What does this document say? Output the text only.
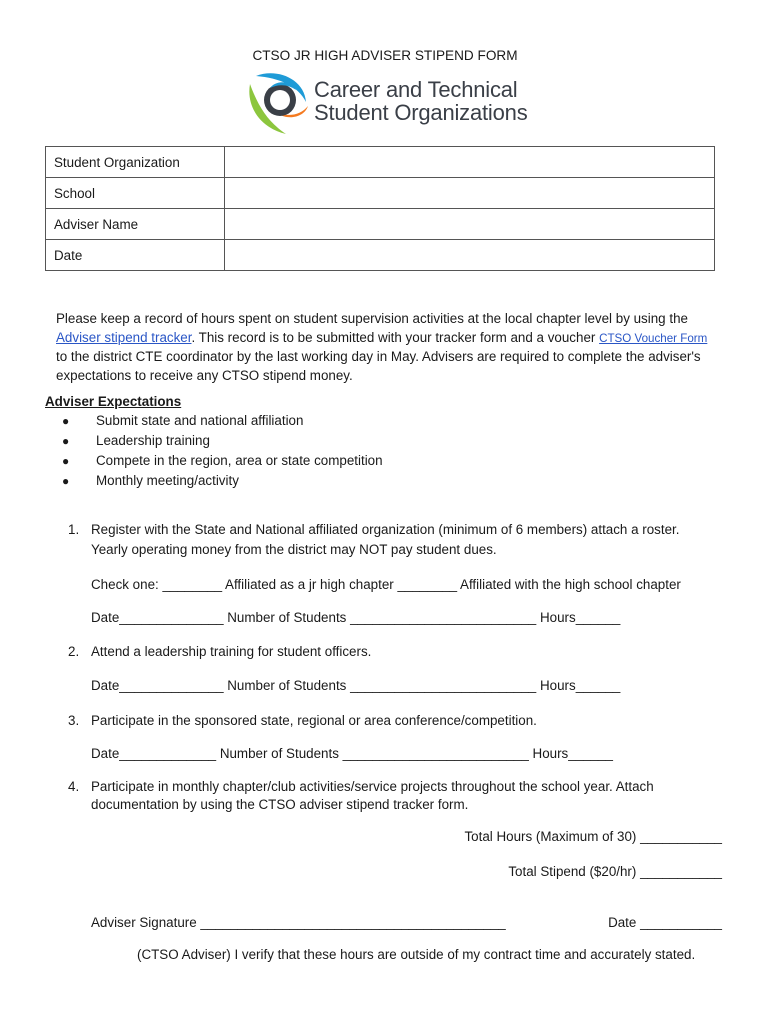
CTSO JR HIGH ADVISER STIPEND FORM
Career and Technical
Student Organizations
Student Organization	
School	
Adviser Name	
Date	
Please keep a record of hours spent on student supervision activities at the local chapter level by using the Adviser stipend tracker. This record is to be submitted with your tracker form and a voucher CTSO Voucher Form to the district CTE coordinator by the last working day in May. Advisers are required to complete the adviser's expectations to receive any CTSO stipend money.
Adviser Expectations
● Submit state and national affiliation
● Leadership training
● Compete in the region, area or state competition
● Monthly meeting/activity
1. Register with the State and National affiliated organization (minimum of 6 members) attach a roster.
Yearly operating money from the district may NOT pay student dues.
Check one: ________ Affiliated as a jr high chapter ________ Affiliated with the high school chapter
Date______________ Number of Students _________________________ Hours______
2. Attend a leadership training for student officers.
Date______________ Number of Students _________________________ Hours______
3. Participate in the sponsored state, regional or area conference/competition.
Date_____________ Number of Students _________________________ Hours______
4. Participate in monthly chapter/club activities/service projects throughout the school year. Attach
documentation by using the CTSO adviser stipend tracker form.
Total Hours (Maximum of 30) ___________
Total Stipend ($20/hr) ___________
Adviser Signature _________________________________________	Date ___________
(CTSO Adviser) I verify that these hours are outside of my contract time and accurately stated.
